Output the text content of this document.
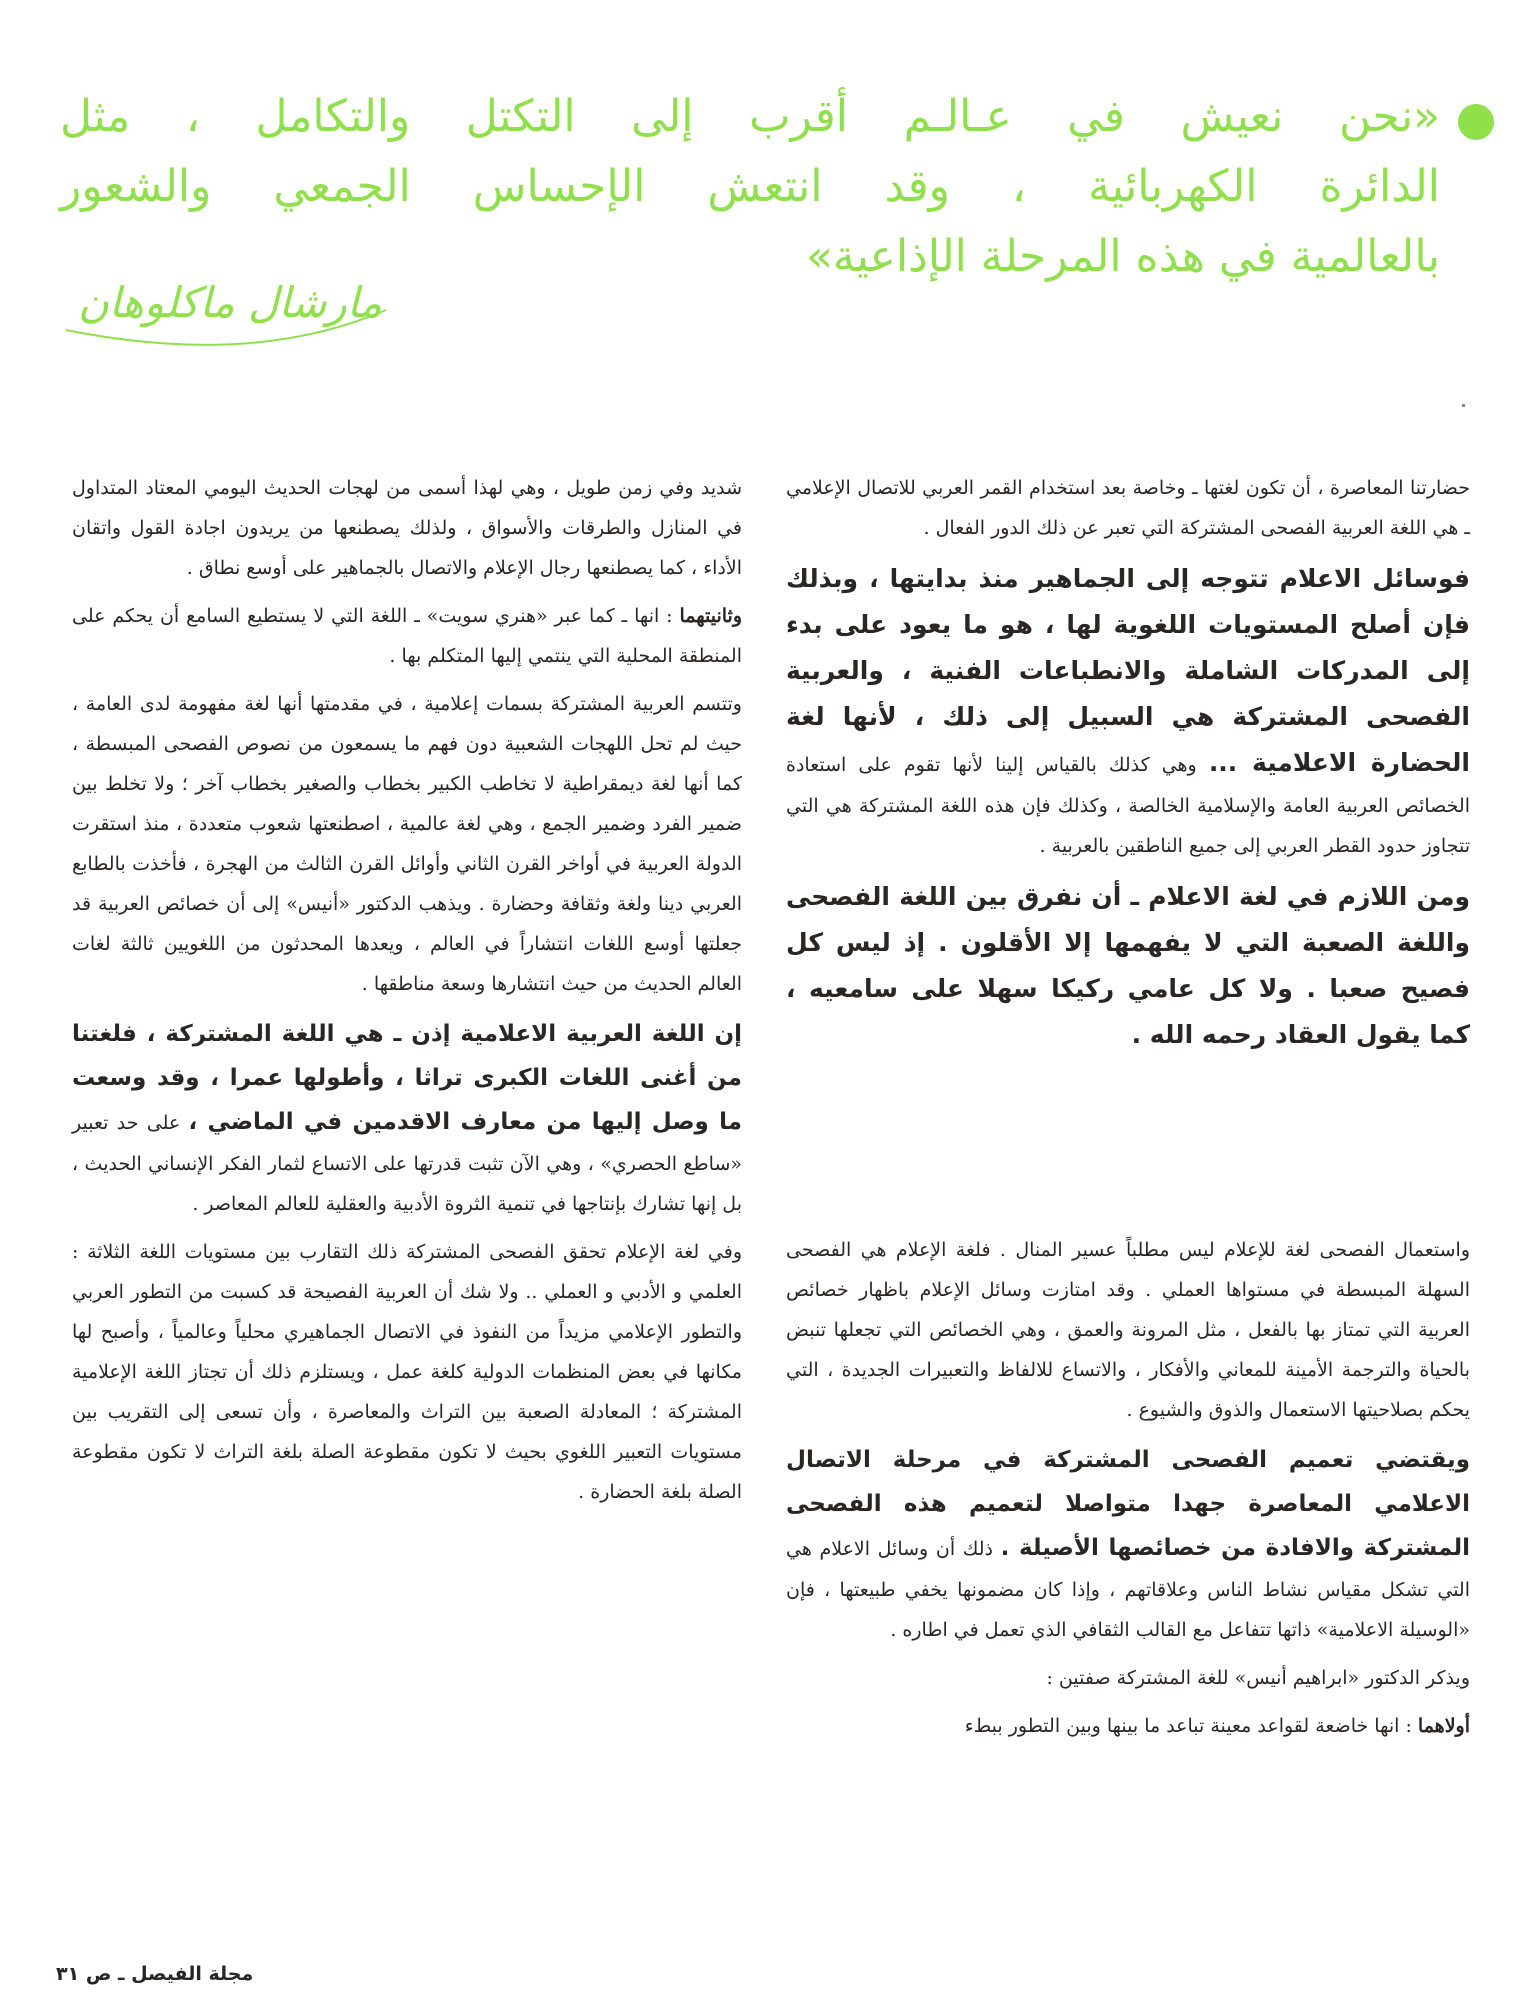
«نحن نعيش في عـالـم أقرب إلى التكتل والتكامل ، مثل
الدائرة الكهربائية ، وقد انتعش الإحساس الجمعي والشعور
بالعالمية في هذه المرحلة الإذاعية»
مارشال ماكلوهان

حضارتنا المعاصرة ، أن تكون لغتها ـ وخاصة بعد استخدام القمر العربي للاتصال الإعلامي ـ هي اللغة العربية الفصحى المشتركة التي تعبر عن ذلك الدور الفعال .

فوسائل الاعلام تتوجه إلى الجماهير منذ بدايتها ، وبذلك فإن أصلح المستويات اللغوية لها ، هو ما يعود على بدء إلى المدركات الشاملة والانطباعات الفنية ، والعربية الفصحى المشتركة هي السبيل إلى ذلك ، لأنها لغة الحضارة الاعلامية ... وهي كذلك بالقياس إلينا لأنها تقوم على استعادة الخصائص العربية العامة والإسلامية الخالصة ، وكذلك فإن هذه اللغة المشتركة هي التي تتجاوز حدود القطر العربي إلى جميع الناطقين بالعربية .

ومن اللازم في لغة الاعلام ـ أن نفرق بين اللغة الفصحى واللغة الصعبة التي لا يفهمها إلا الأقلون . إذ ليس كل فصيح صعبا . ولا كل عامي ركيكا سهلا على سامعيه ، كما يقول العقاد رحمه الله .

واستعمال الفصحى لغة للإعلام ليس مطلباً عسير المنال . فلغة الإعلام هي الفصحى السهلة المبسطة في مستواها العملي . وقد امتازت وسائل الإعلام باظهار خصائص العربية التي تمتاز بها بالفعل ، مثل المرونة والعمق ، وهي الخصائص التي تجعلها تنبض بالحياة والترجمة الأمينة للمعاني والأفكار ، والاتساع للالفاظ والتعبيرات الجديدة ، التي يحكم بصلاحيتها الاستعمال والذوق والشيوع .

ويقتضي تعميم الفصحى المشتركة في مرحلة الاتصال الاعلامي المعاصرة جهدا متواصلا لتعميم هذه الفصحى المشتركة والافادة من خصائصها الأصيلة . ذلك أن وسائل الاعلام هي التي تشكل مقياس نشاط الناس وعلاقاتهم ، وإذا كان مضمونها يخفي طبيعتها ، فإن «الوسيلة الاعلامية» ذاتها تتفاعل مع القالب الثقافي الذي تعمل في اطاره .

ويذكر الدكتور «ابراهيم أنيس» للغة المشتركة صفتين :

أولاهما : انها خاضعة لقواعد معينة تباعد ما بينها وبين التطور ببطء

شديد وفي زمن طويل ، وهي لهذا أسمى من لهجات الحديث اليومي المعتاد المتداول في المنازل والطرقات والأسواق ، ولذلك يصطنعها من يريدون اجادة القول واتقان الأداء ، كما يصطنعها رجال الإعلام والاتصال بالجماهير على أوسع نطاق .

وثانيتهما : انها ـ كما عبر «هنري سويت» ـ اللغة التي لا يستطيع السامع أن يحكم على المنطقة المحلية التي ينتمي إليها المتكلم بها .

وتتسم العربية المشتركة بسمات إعلامية ، في مقدمتها أنها لغة مفهومة لدى العامة ، حيث لم تحل اللهجات الشعبية دون فهم ما يسمعون من نصوص الفصحى المبسطة ، كما أنها لغة ديمقراطية لا تخاطب الكبير بخطاب والصغير بخطاب آخر ؛ ولا تخلط بين ضمير الفرد وضمير الجمع ، وهي لغة عالمية ، اصطنعتها شعوب متعددة ، منذ استقرت الدولة العربية في أواخر القرن الثاني وأوائل القرن الثالث من الهجرة ، فأخذت بالطابع العربي دينا ولغة وثقافة وحضارة . ويذهب الدكتور «أنيس» إلى أن خصائص العربية قد جعلتها أوسع اللغات انتشاراً في العالم ، ويعدها المحدثون من اللغويين ثالثة لغات العالم الحديث من حيث انتشارها وسعة مناطقها .

إن اللغة العربية الاعلامية إذن ـ هي اللغة المشتركة ، فلغتنا من أغنى اللغات الكبرى تراثا ، وأطولها عمرا ، وقد وسعت ما وصل إليها من معارف الاقدمين في الماضي ، على حد تعبير «ساطع الحصري» ، وهي الآن تثبت قدرتها على الاتساع لثمار الفكر الإنساني الحديث ، بل إنها تشارك بإنتاجها في تنمية الثروة الأدبية والعقلية للعالم المعاصر .

وفي لغة الإعلام تحقق الفصحى المشتركة ذلك التقارب بين مستويات اللغة الثلاثة : العلمي و الأدبي و العملي .. ولا شك أن العربية الفصيحة قد كسبت من التطور العربي والتطور الإعلامي مزيداً من النفوذ في الاتصال الجماهيري محلياً وعالمياً ، وأصبح لها مكانها في بعض المنظمات الدولية كلغة عمل ، ويستلزم ذلك أن تجتاز اللغة الإعلامية المشتركة ؛ المعادلة الصعبة بين التراث والمعاصرة ، وأن تسعى إلى التقريب بين مستويات التعبير اللغوي بحيث لا تكون مقطوعة الصلة بلغة التراث لا تكون مقطوعة الصلة بلغة الحضارة .

مجلة الفيصل ـ ص ٣١
